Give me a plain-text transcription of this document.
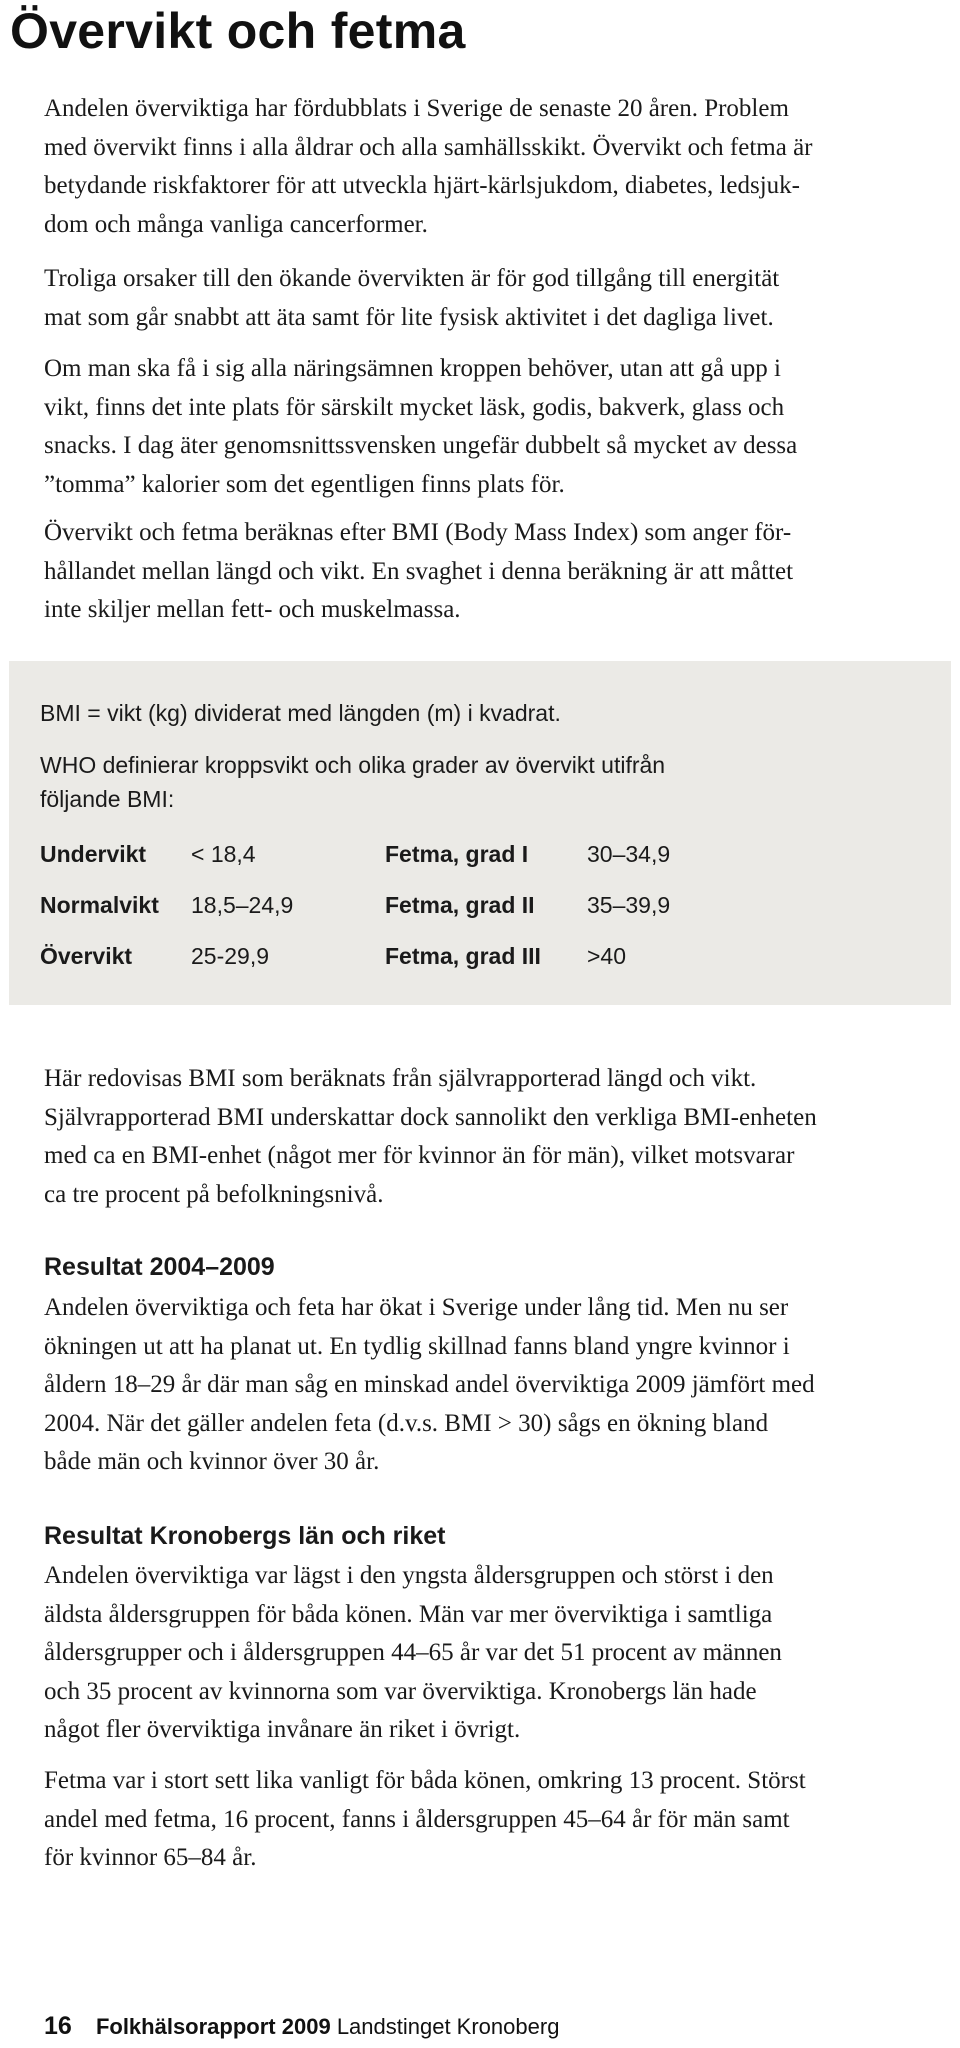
Övervikt och fetma
Andelen överviktiga har fördubblats i Sverige de senaste 20 åren. Problem
med övervikt finns i alla åldrar och alla samhällsskikt. Övervikt och fetma är
betydande riskfaktorer för att utveckla hjärt-kärlsjukdom, diabetes, ledsjuk-
dom och många vanliga cancerformer.
Troliga orsaker till den ökande övervikten är för god tillgång till energität
mat som går snabbt att äta samt för lite fysisk aktivitet i det dagliga livet.
Om man ska få i sig alla näringsämnen kroppen behöver, utan att gå upp i
vikt, finns det inte plats för särskilt mycket läsk, godis, bakverk, glass och
snacks. I dag äter genomsnittssvensken ungefär dubbelt så mycket av dessa
”tomma” kalorier som det egentligen finns plats för.
Övervikt och fetma beräknas efter BMI (Body Mass Index) som anger för-
hållandet mellan längd och vikt. En svaghet i denna beräkning är att måttet
inte skiljer mellan fett- och muskelmassa.
BMI = vikt (kg) dividerat med längden (m) i kvadrat.
WHO definierar kroppsvikt och olika grader av övervikt utifrån
följande BMI:
Undervikt < 18,4	Fetma, grad I	30–34,9
Normalvikt 18,5–24,9	Fetma, grad II 35–39,9
Övervikt	25-29,9	Fetma, grad III >40
Här redovisas BMI som beräknats från självrapporterad längd och vikt.
Självrapporterad BMI underskattar dock sannolikt den verkliga BMI-enheten
med ca en BMI-enhet (något mer för kvinnor än för män), vilket motsvarar
ca tre procent på befolkningsnivå.
Resultat 2004–2009
Andelen överviktiga och feta har ökat i Sverige under lång tid. Men nu ser
ökningen ut att ha planat ut. En tydlig skillnad fanns bland yngre kvinnor i
åldern 18–29 år där man såg en minskad andel överviktiga 2009 jämfört med
2004. När det gäller andelen feta (d.v.s. BMI > 30) sågs en ökning bland
både män och kvinnor över 30 år.
Resultat Kronobergs län och riket
Andelen överviktiga var lägst i den yngsta åldersgruppen och störst i den
äldsta åldersgruppen för båda könen. Män var mer överviktiga i samtliga
åldersgrupper och i åldersgruppen 44–65 år var det 51 procent av männen
och 35 procent av kvinnorna som var överviktiga. Kronobergs län hade
något fler överviktiga invånare än riket i övrigt.
Fetma var i stort sett lika vanligt för båda könen, omkring 13 procent. Störst
andel med fetma, 16 procent, fanns i åldersgruppen 45–64 år för män samt
för kvinnor 65–84 år.
16 Folkhälsorapport 2009 Landstinget Kronoberg
